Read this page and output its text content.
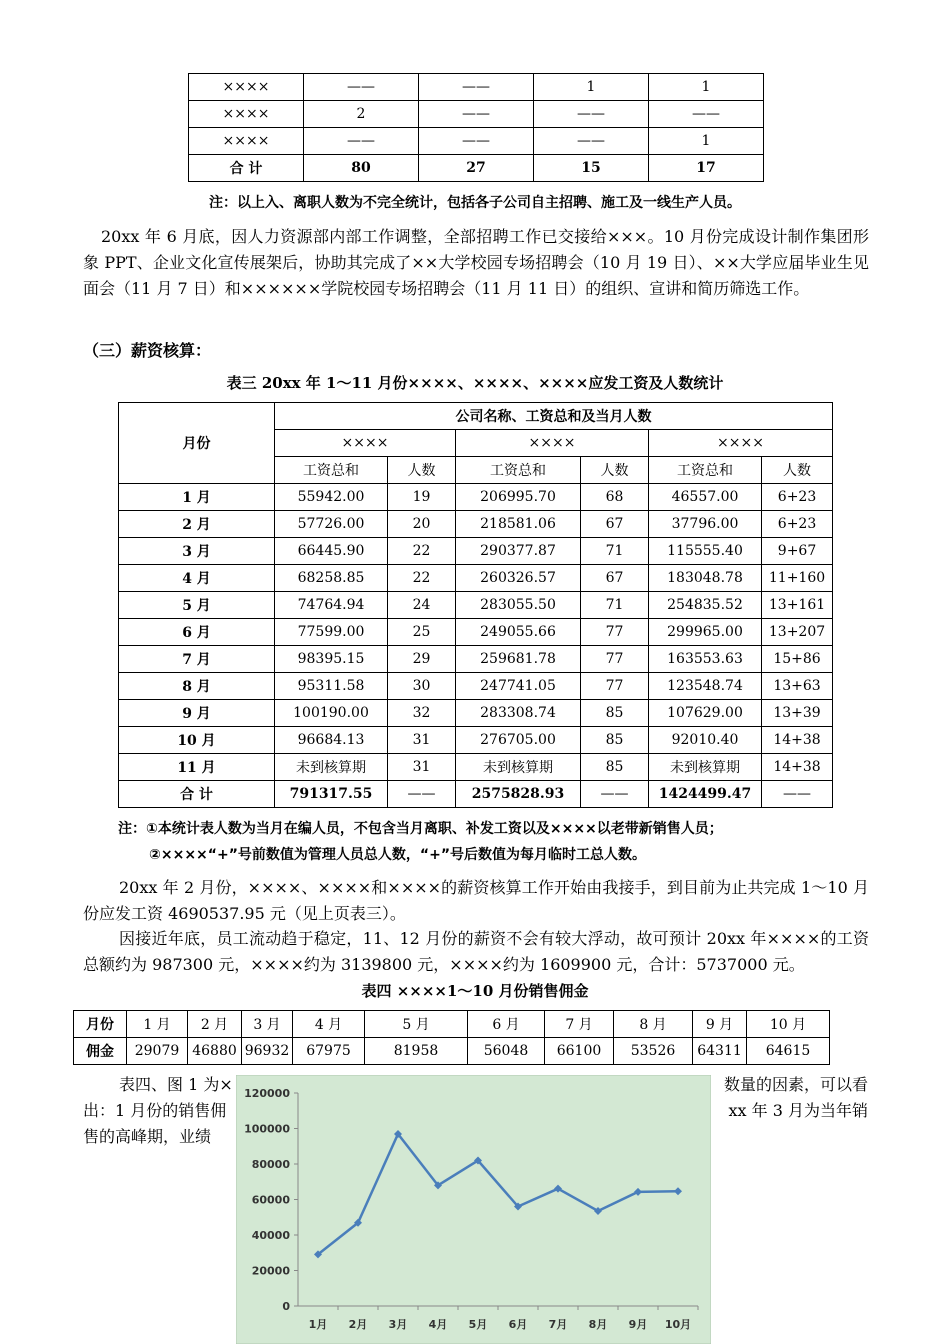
××××	——	——	1	1
××××	2	——	——	——
××××	——	——	——	1
合 计	80	27	15	17
注：以上入、离职人数为不完全统计，包括各子公司自主招聘、施工及一线生产人员。
20xx 年 6 月底，因人力资源部内部工作调整，全部招聘工作已交接给×××。10 月份完成设计制作集团形象 PPT、企业文化宣传展架后，协助其完成了××大学校园专场招聘会（10 月 19 日）、××大学应届毕业生见面会（11 月 7 日）和××××××学院校园专场招聘会（11 月 11 日）的组织、宣讲和简历筛选工作。
（三）薪资核算：
表三 20xx 年 1～11 月份××××、××××、××××应发工资及人数统计
月份	公司名称、工资总和及当月人数					
	××××		××××		××××	
	工资总和	人数	工资总和	人数	工资总和	人数
1 月	55942.00	19	206995.70	68	46557.00	6+23
2 月	57726.00	20	218581.06	67	37796.00	6+23
3 月	66445.90	22	290377.87	71	115555.40	9+67
4 月	68258.85	22	260326.57	67	183048.78	11+160
5 月	74764.94	24	283055.50	71	254835.52	13+161
6 月	77599.00	25	249055.66	77	299965.00	13+207
7 月	98395.15	29	259681.78	77	163553.63	15+86
8 月	95311.58	30	247741.05	77	123548.74	13+63
9 月	100190.00	32	283308.74	85	107629.00	13+39
10 月	96684.13	31	276705.00	85	92010.40	14+38
11 月	未到核算期	31	未到核算期	85	未到核算期	14+38
合 计	791317.55	——	2575828.93	——	1424499.47	——
注：①本统计表人数为当月在编人员，不包含当月离职、补发工资以及××××以老带新销售人员；
②××××“+”号前数值为管理人员总人数，“+”号后数值为每月临时工总人数。
20xx 年 2 月份，××××、××××和××××的薪资核算工作开始由我接手，到目前为止共完成 1～10 月份应发工资 4690537.95 元（见上页表三）。
因接近年底，员工流动趋于稳定，11、12 月份的薪资不会有较大浮动，故可预计 20xx 年××××的工资总额约为 987300 元，××××约为 3139800 元，××××约为 1609900 元，合计：5737000 元。
表四 ××××1～10 月份销售佣金
月份	1 月	2 月	3 月	4 月	5 月	6 月	7 月	8 月	9 月	10 月
佣金	29079	46880	96932	67975	81958	56048	66100	53526	64311	64615
表四、图 1 为×	数量的因素，可以看
出：1 月份的销售佣	xx 年 3 月为当年销
售的高峰期，业绩
0
20000
40000
60000
80000
100000
120000
1月 2月 3月 4月 5月 6月 7月 8月 9月 10月
